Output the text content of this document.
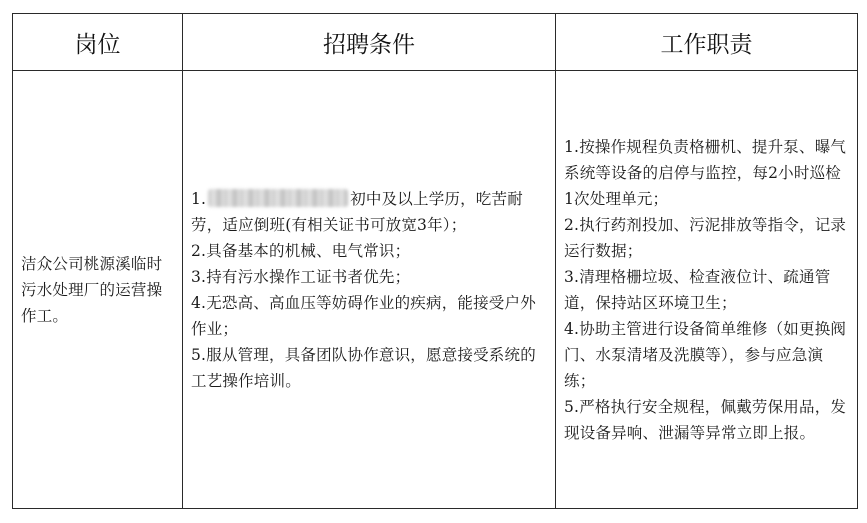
岗位	招聘条件	工作职责

洁众公司桃源溪临时污水处理厂的运营操作工。	1. 初中及以上学历，吃苦耐劳，适应倒班(有相关证书可放宽3年）；
2.具备基本的机械、电气常识；
3.持有污水操作工证书者优先；
4.无恐高、高血压等妨碍作业的疾病，能接受户外作业；
5.服从管理，具备团队协作意识，愿意接受系统的工艺操作培训。	1.按操作规程负责格栅机、提升泵、曝气系统等设备的启停与监控，每2小时巡检1次处理单元；
2.执行药剂投加、污泥排放等指令，记录运行数据；
3.清理格栅垃圾、检查液位计、疏通管道，保持站区环境卫生；
4.协助主管进行设备简单维修（如更换阀门、水泵清堵及洗膜等），参与应急演练；
5.严格执行安全规程，佩戴劳保用品，发现设备异响、泄漏等异常立即上报。
